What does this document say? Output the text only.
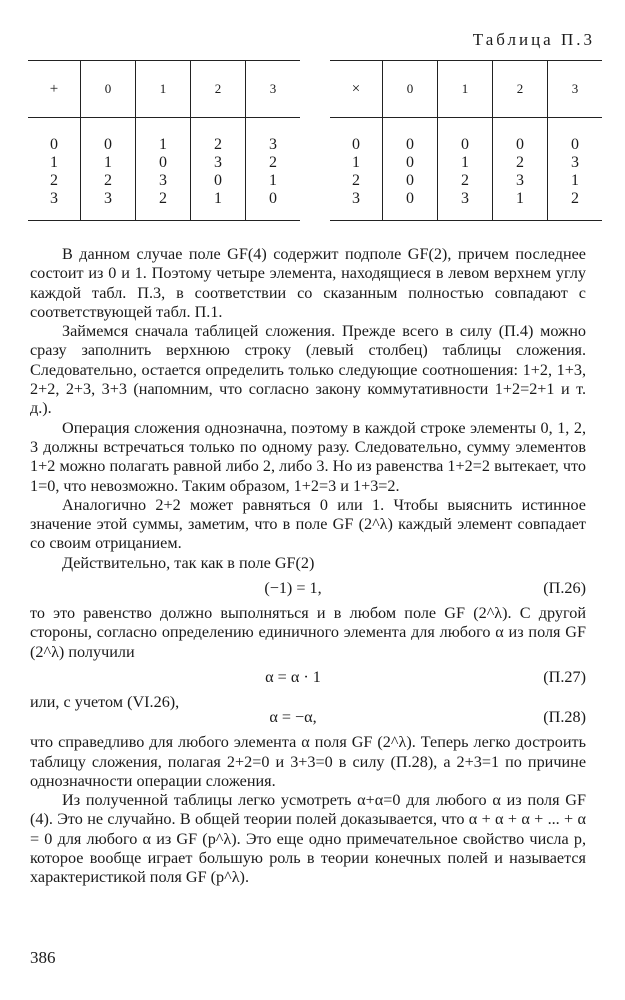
Таблица П.3
+	0	1	2	3
0	0	1	2	3
1	1	0	3	2
2	2	3	0	1
3	3	2	1	0

×	0	1	2	3
0	0	0	0	0
1	0	1	2	3
2	0	2	3	1
3	0	3	1	2

В данном случае поле GF(4) содержит подполе GF(2), причем последнее состоит из 0 и 1. Поэтому четыре элемента, находящиеся в левом верхнем углу каждой табл. П.3, в соответствии со сказанным полностью совпадают с соответствующей табл. П.1.

Займемся сначала таблицей сложения. Прежде всего в силу (П.4) можно сразу заполнить верхнюю строку (левый столбец) таблицы сложения. Следовательно, остается определить только следующие соотношения: 1+2, 1+3, 2+2, 2+3, 3+3 (напомним, что согласно закону коммутативности 1+2=2+1 и т. д.).

Операция сложения однозначна, поэтому в каждой строке элементы 0, 1, 2, 3 должны встречаться только по одному разу. Следовательно, сумму элементов 1+2 можно полагать равной либо 2, либо 3. Но из равенства 1+2=2 вытекает, что 1=0, что невозможно. Таким образом, 1+2=3 и 1+3=2.

Аналогично 2+2 может равняться 0 или 1. Чтобы выяснить истинное значение этой суммы, заметим, что в поле GF (2^λ) каждый элемент совпадает со своим отрицанием.

Действительно, так как в поле GF(2)

(−1) = 1,	(П.26)

то это равенство должно выполняться и в любом поле GF (2^λ). С другой стороны, согласно определению единичного элемента для любого α из поля GF (2^λ) получили

α = α · 1	(П.27)

или, с учетом (VI.26),

α = −α,	(П.28)

что справедливо для любого элемента α поля GF (2^λ). Теперь легко достроить таблицу сложения, полагая 2+2=0 и 3+3=0 в силу (П.28), а 2+3=1 по причине однозначности операции сложения.

Из полученной таблицы легко усмотреть α+α=0 для любого α из поля GF (4). Это не случайно. В общей теории полей доказывается, что α + α + α + ... + α = 0 для любого α из GF (p^λ). Это еще одно примечательное свойство числа p, которое вообще играет большую роль в теории конечных полей и называется характеристикой поля GF (p^λ).

386
